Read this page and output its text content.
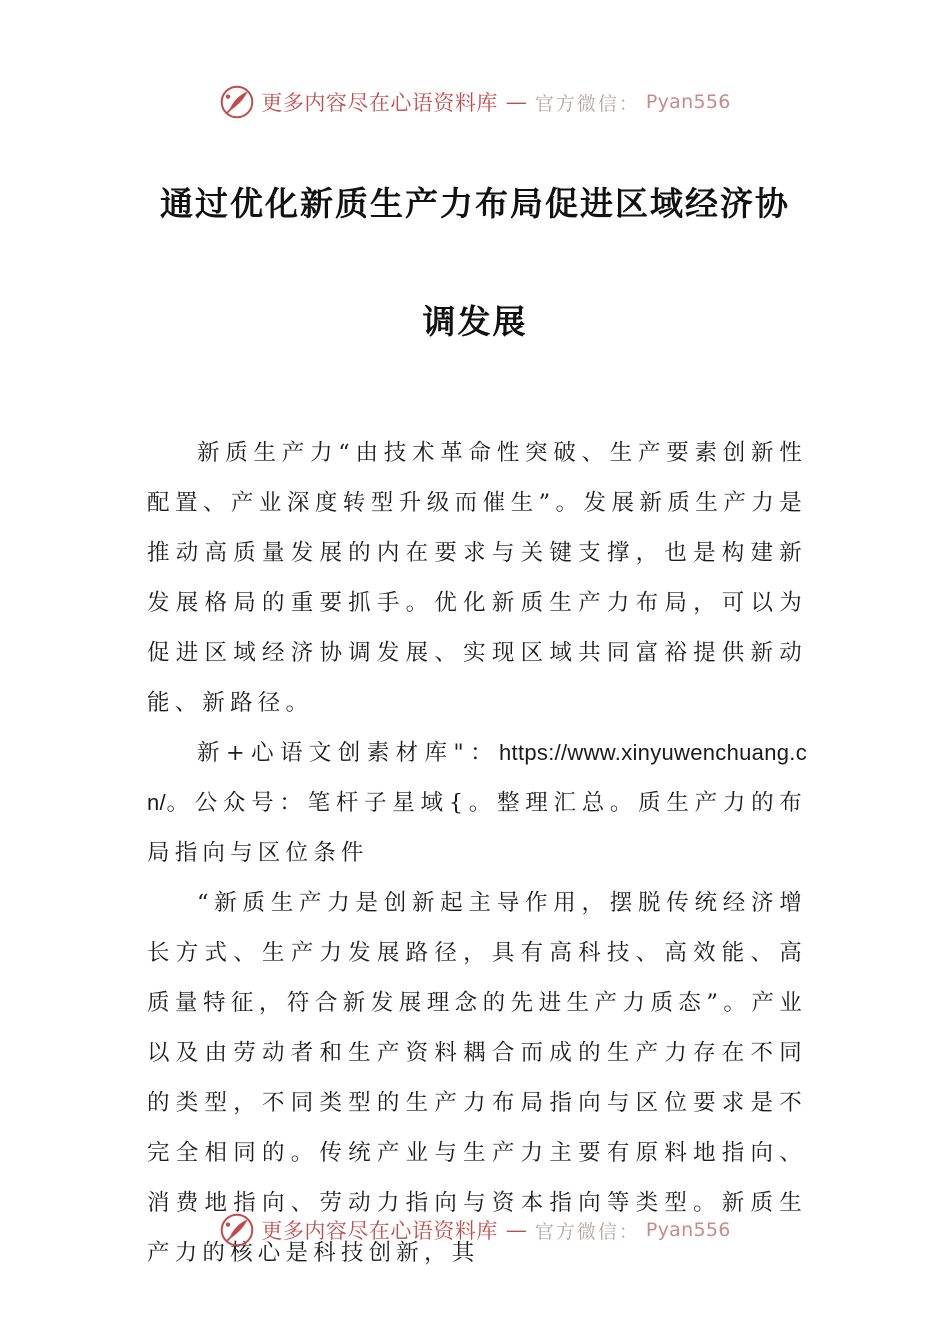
更多内容尽在心语资料库 — 官方微信： Pyan556
通过优化新质生产力布局促进区域经济协
调发展

新质生产力“由技术革命性突破、生产要素创新性配置、产业深度转型升级而催生”。发展新质生产力是推动高质量发展的内在要求与关键支撑，也是构建新发展格局的重要抓手。优化新质生产力布局，可以为促进区域经济协调发展、实现区域共同富裕提供新动能、新路径。

新+心语文创素材库"：https://www.xinyuwenchuang.cn/。公众号：笔杆子星域{。整理汇总。质生产力的布局指向与区位条件

“新质生产力是创新起主导作用，摆脱传统经济增长方式、生产力发展路径，具有高科技、高效能、高质量特征，符合新发展理念的先进生产力质态”。产业以及由劳动者和生产资料耦合而成的生产力存在不同的类型，不同类型的生产力布局指向与区位要求是不完全相同的。传统产业与生产力主要有原料地指向、消费地指向、劳动力指向与资本指向等类型。新质生产力的核心是科技创新，其

更多内容尽在心语资料库 — 官方微信： Pyan556
